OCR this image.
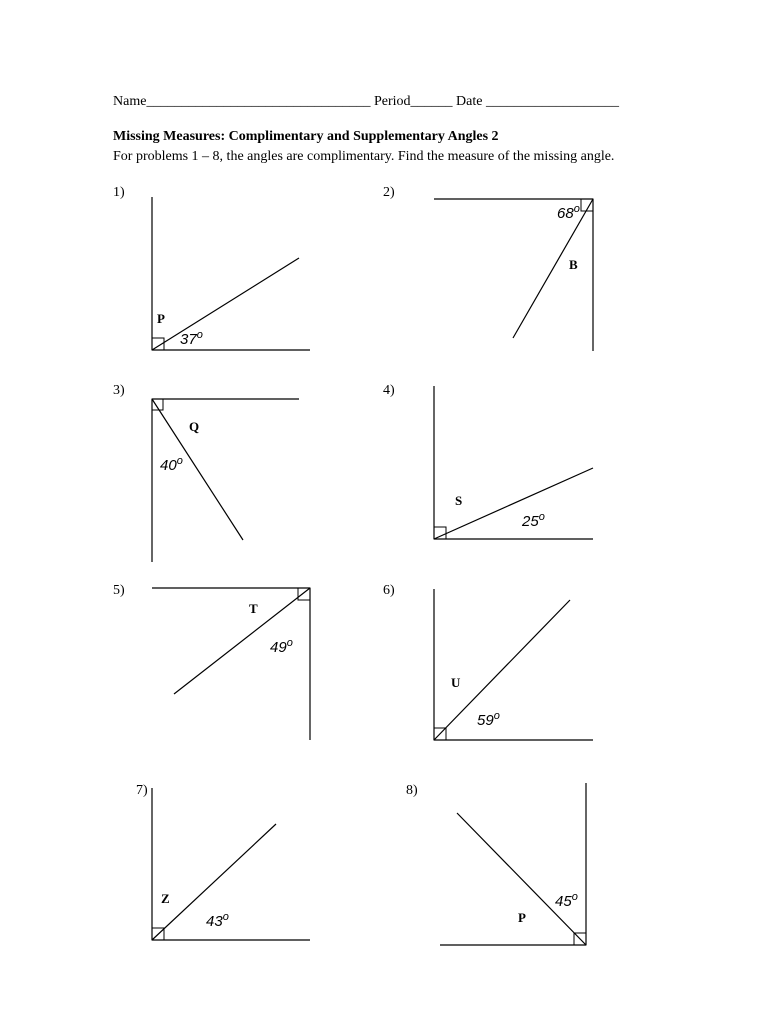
Name________________________________ Period______ Date ___________________
Missing Measures: Complimentary and Supplementary Angles 2
For problems 1 – 8, the angles are complimentary. Find the measure of the missing angle.
1)	2)
3)	4)
5)	6)
7)	8)
P
37$^o$
B
68$^o$
Q
40$^o$
S
25$^o$
T
49$^o$
U
59$^o$
Z
43$^o$	P
45$^o$
